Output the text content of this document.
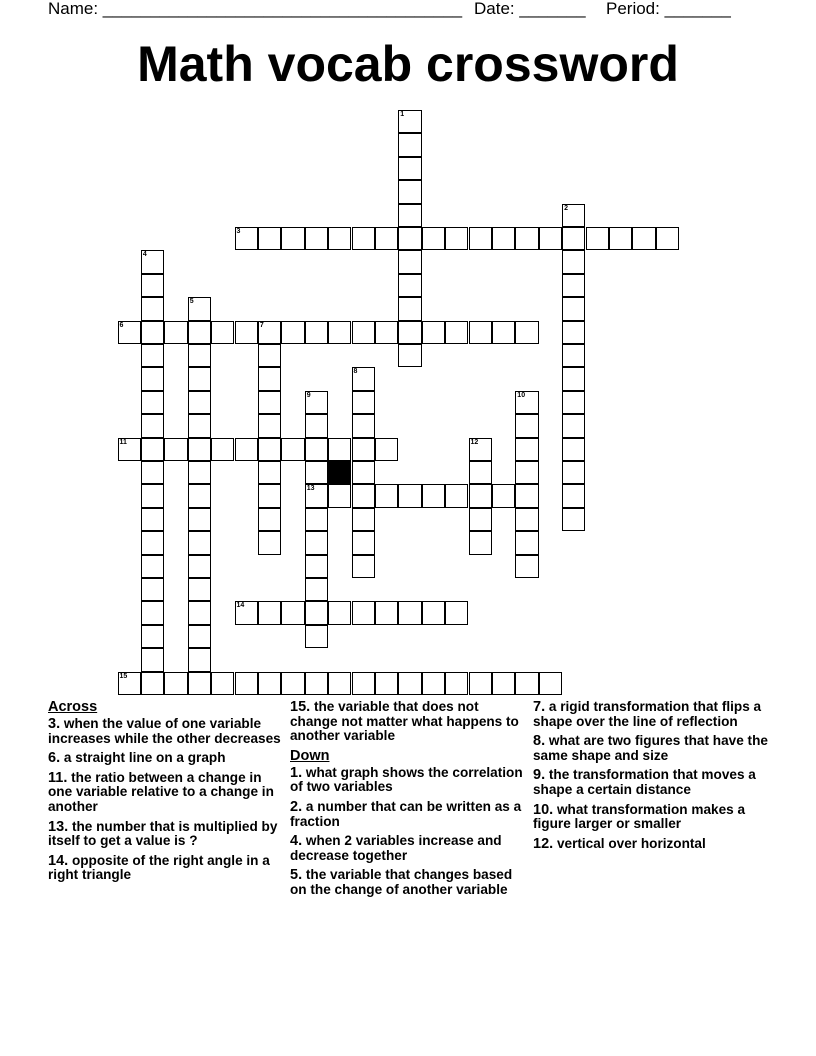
Name: ______________________________________ Date: _______ Period: _______
Math vocab crossword
1
2
3
4
5
6	7
8
9
13
10
11	12
14
15
Across
3. when the value of one variable increases while the other decreases
6. a straight line on a graph
11. the ratio between a change in one variable relative to a change in another
13. the number that is multiplied by itself to get a value is ?
14. opposite of the right angle in a right triangle
15. the variable that does not change not matter what happens to another variable
Down
1. what graph shows the correlation of two variables
2. a number that can be written as a fraction
4. when 2 variables increase and decrease together
5. the variable that changes based on the change of another variable
7. a rigid transformation that flips a shape over the line of reflection
8. what are two figures that have the same shape and size
9. the transformation that moves a shape a certain distance
10. what transformation makes a figure larger or smaller
12. vertical over horizontal
